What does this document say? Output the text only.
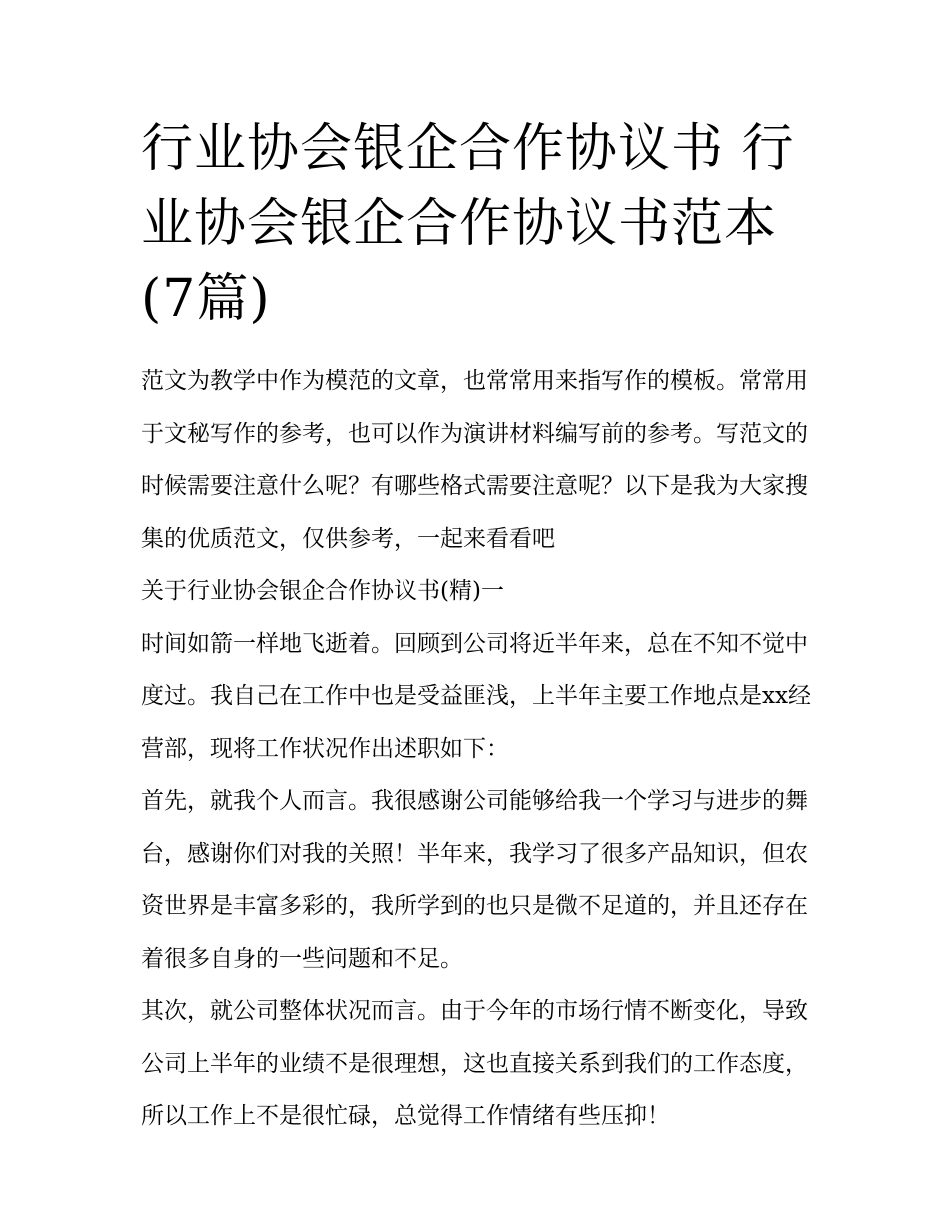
行业协会银企合作协议书 行业协会银企合作协议书范本(7篇)

范文为教学中作为模范的文章，也常常用来指写作的模板。常常用于文秘写作的参考，也可以作为演讲材料编写前的参考。写范文的时候需要注意什么呢？有哪些格式需要注意呢？以下是我为大家搜集的优质范文，仅供参考，一起来看看吧

关于行业协会银企合作协议书(精)一

时间如箭一样地飞逝着。回顾到公司将近半年来，总在不知不觉中度过。我自己在工作中也是受益匪浅，上半年主要工作地点是xx经营部，现将工作状况作出述职如下：

首先，就我个人而言。我很感谢公司能够给我一个学习与进步的舞台，感谢你们对我的关照！半年来，我学习了很多产品知识，但农资世界是丰富多彩的，我所学到的也只是微不足道的，并且还存在着很多自身的一些问题和不足。

其次，就公司整体状况而言。由于今年的市场行情不断变化，导致公司上半年的业绩不是很理想，这也直接关系到我们的工作态度，所以工作上不是很忙碌，总觉得工作情绪有些压抑！
